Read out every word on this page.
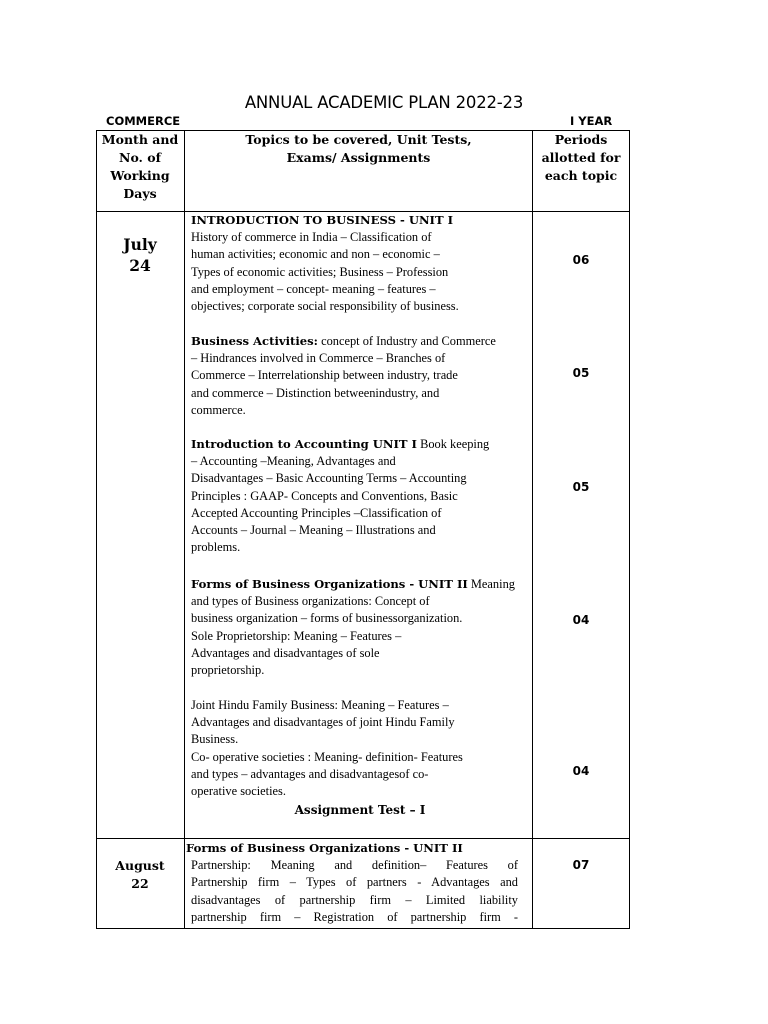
ANNUAL ACADEMIC PLAN 2022-23
COMMERCE	I YEAR
Month and
No. of
Working
Days
Topics to be covered, Unit Tests,
Exams/ Assignments
Periods
allotted for
each topic
July
24
INTRODUCTION TO BUSINESS - UNIT I
History of commerce in India – Classification of
human activities; economic and non – economic –
Types of economic activities; Business – Profession
and employment – concept- meaning – features –
objectives; corporate social responsibility of business.
06
Business Activities: concept of Industry and Commerce
– Hindrances involved in Commerce – Branches of
Commerce – Interrelationship between industry, trade
and commerce – Distinction betweenindustry, and
commerce.
05
Introduction to Accounting UNIT I Book keeping
– Accounting –Meaning, Advantages and
Disadvantages – Basic Accounting Terms – Accounting
Principles : GAAP- Concepts and Conventions, Basic
Accepted Accounting Principles –Classification of
Accounts – Journal – Meaning – Illustrations and
problems.
05
Forms of Business Organizations - UNIT II Meaning
and types of Business organizations: Concept of
business organization – forms of businessorganization.
Sole Proprietorship: Meaning – Features –
Advantages and disadvantages of sole
proprietorship.
04
Joint Hindu Family Business: Meaning – Features –
Advantages and disadvantages of joint Hindu Family
Business.
Co- operative societies : Meaning- definition- Features
and types – advantages and disadvantagesof co-
operative societies.
04
Assignment Test – I
August
22
Forms of Business Organizations - UNIT II
Partnership: Meaning and definition– Features of
Partnership firm – Types of partners - Advantages and
disadvantages of partnership firm – Limited liability
partnership firm – Registration of partnership firm -
07
